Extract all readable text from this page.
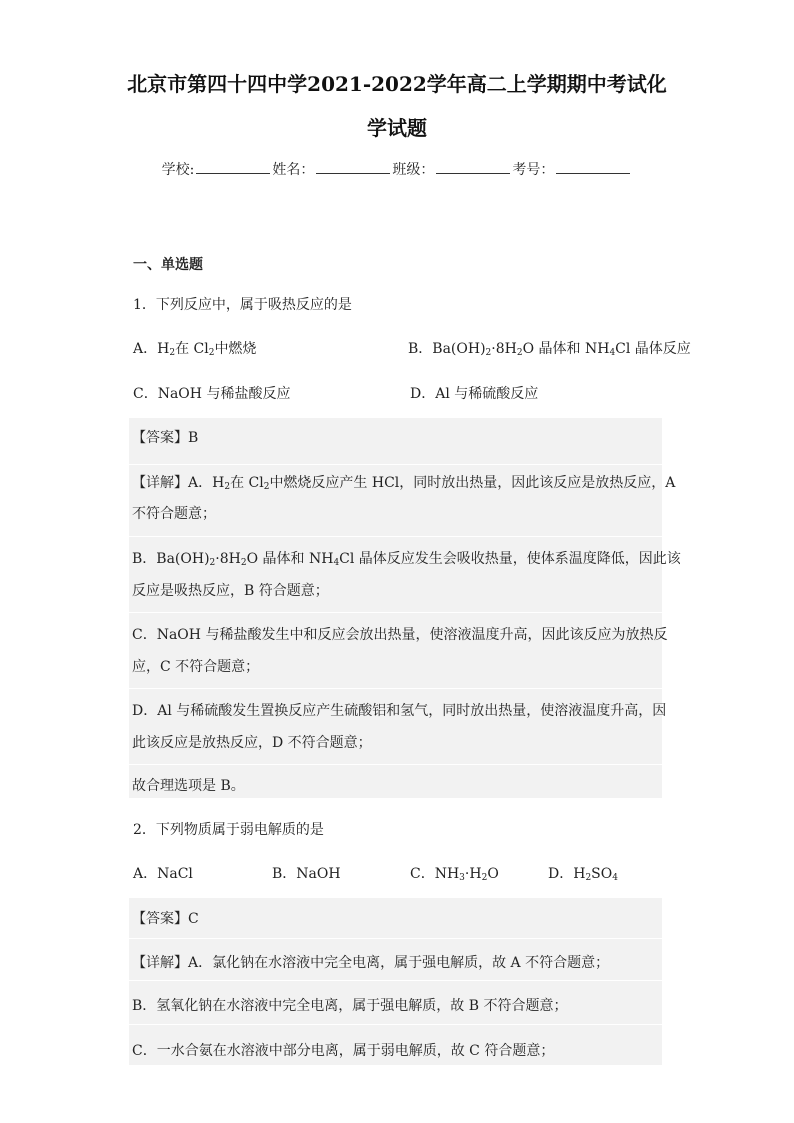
北京市第四十四中学2021-2022学年高二上学期期中考试化
学试题
学校:	姓名：	班级：	考号：
一、单选题
1．下列反应中，属于吸热反应的是
A．$H_2$在 $Cl_2$中燃烧	B．$Ba(OH)_2\cdot 8H_2O$ 晶体和 $NH_4Cl$ 晶体反应
C．NaOH 与稀盐酸反应	D．Al 与稀硫酸反应
【答案】B
【详解】A．$H_2$在 $Cl_2$中燃烧反应产生 HCl，同时放出热量，因此该反应是放热反应，A
不符合题意；
B．$Ba(OH)_2\cdot 8H_2O$ 晶体和 $NH_4Cl$ 晶体反应发生会吸收热量，使体系温度降低，因此该
反应是吸热反应，B 符合题意；
C．NaOH 与稀盐酸发生中和反应会放出热量，使溶液温度升高，因此该反应为放热反
应，C 不符合题意；
D．Al 与稀硫酸发生置换反应产生硫酸铝和氢气，同时放出热量，使溶液温度升高，因
此该反应是放热反应，D 不符合题意；
故合理选项是 B。
2．下列物质属于弱电解质的是
A．NaCl	B．NaOH	C．$NH_3\cdot H_2O$	D．$H_2SO_4$
【答案】C
【详解】A．氯化钠在水溶液中完全电离，属于强电解质，故 A 不符合题意；
B．氢氧化钠在水溶液中完全电离，属于强电解质，故 B 不符合题意；
C．一水合氨在水溶液中部分电离，属于弱电解质，故 C 符合题意；
